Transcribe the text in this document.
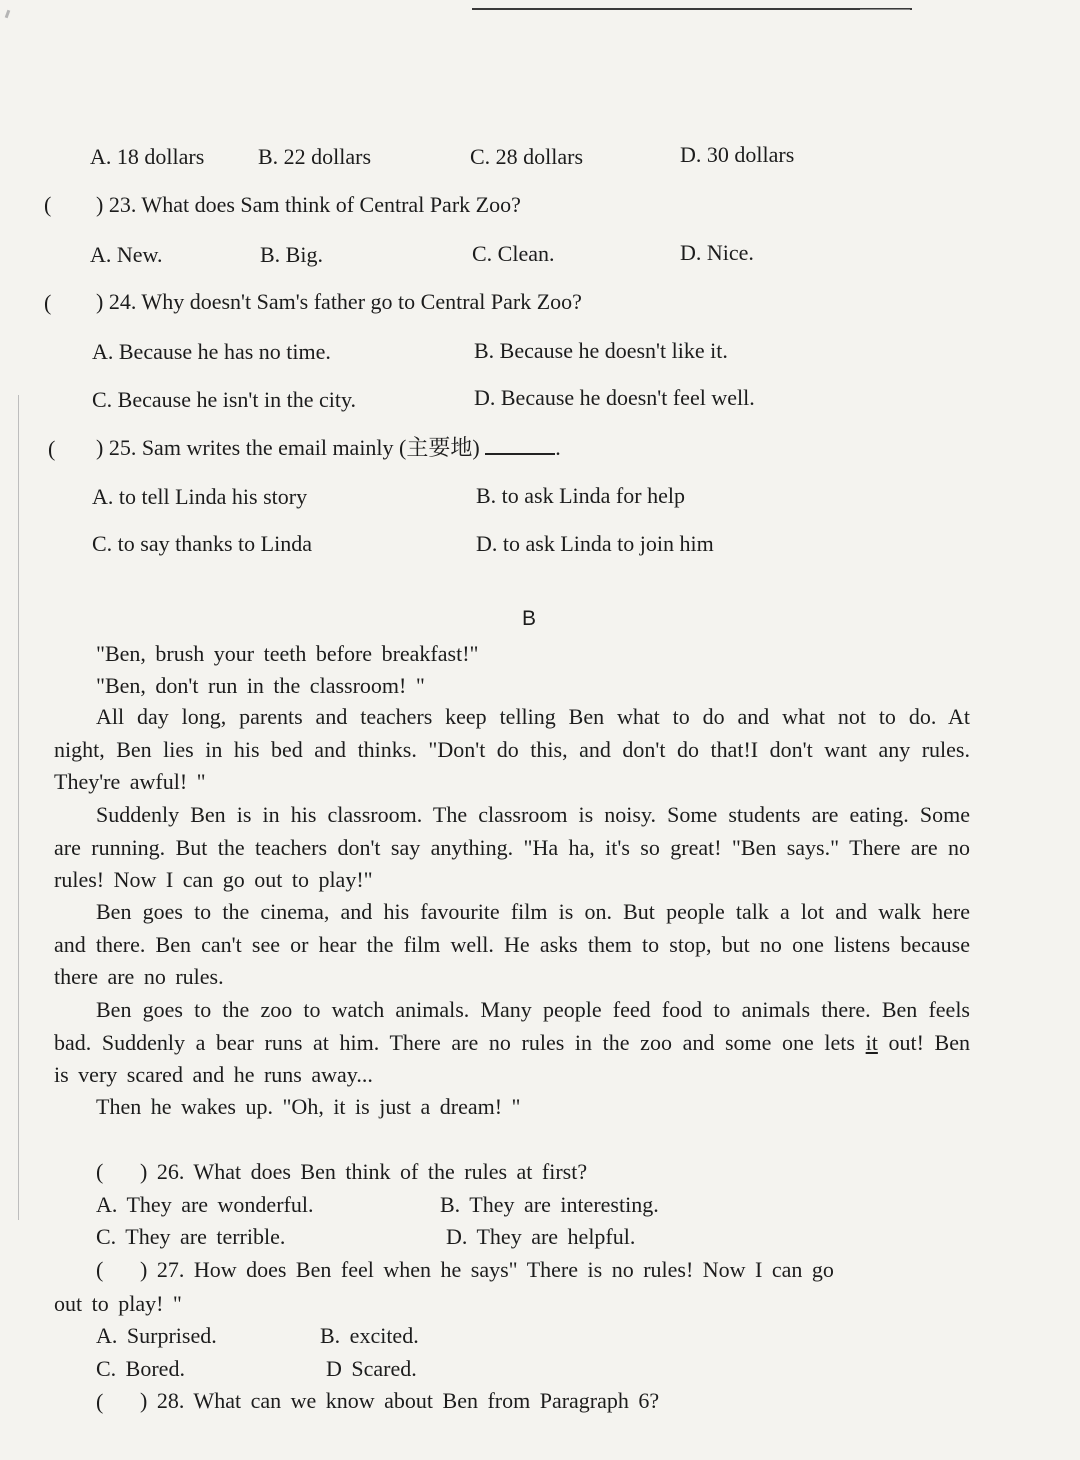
A. 18 dollars B. 22 dollars	C. 28 dollars	D. 30 dollars
( ) 23. What does Sam think of Central Park Zoo?
A. New.	B. Big.	C. Clean.	D. Nice.
( ) 24. Why doesn't Sam's father go to Central Park Zoo?
A. Because he has no time.	B. Because he doesn't like it.
C. Because he isn't in the city.	D. Because he doesn't feel well.
( ) 25. Sam writes the email mainly (主要地)	.
A. to tell Linda his story	B. to ask Linda for help
C. to say thanks to Linda	D. to ask Linda to join him
B
"Ben, brush your teeth before breakfast!"
"Ben, don't run in the classroom! "
All day long, parents and teachers keep telling Ben what to do and what not to do. At night, Ben lies in his bed and thinks. "Don't do this, and don't do that!I don't want any rules. They're awful! "
Suddenly Ben is in his classroom. The classroom is noisy. Some students are eating. Some are running. But the teachers don't say anything. "Ha ha, it's so great! "Ben says." There are no rules! Now I can go out to play!"
Ben goes to the cinema, and his favourite film is on. But people talk a lot and walk here and there. Ben can't see or hear the film well. He asks them to stop, but no one listens because there are no rules.
Ben goes to the zoo to watch animals. Many people feed food to animals there. Ben feels bad. Suddenly a bear runs at him. There are no rules in the zoo and some one lets it out! Ben is very scared and he runs away...
Then he wakes up. "Oh, it is just a dream! "
( ) 26. What does Ben think of the rules at first?
A. They are wonderful.	B. They are interesting.
C. They are terrible.	D. They are helpful.
( ) 27. How does Ben feel when he says" There is no rules! Now I can go
out to play! "
A. Surprised.	B. excited.
C. Bored.	D Scared.
( ) 28. What can we know about Ben from Paragraph 6?
